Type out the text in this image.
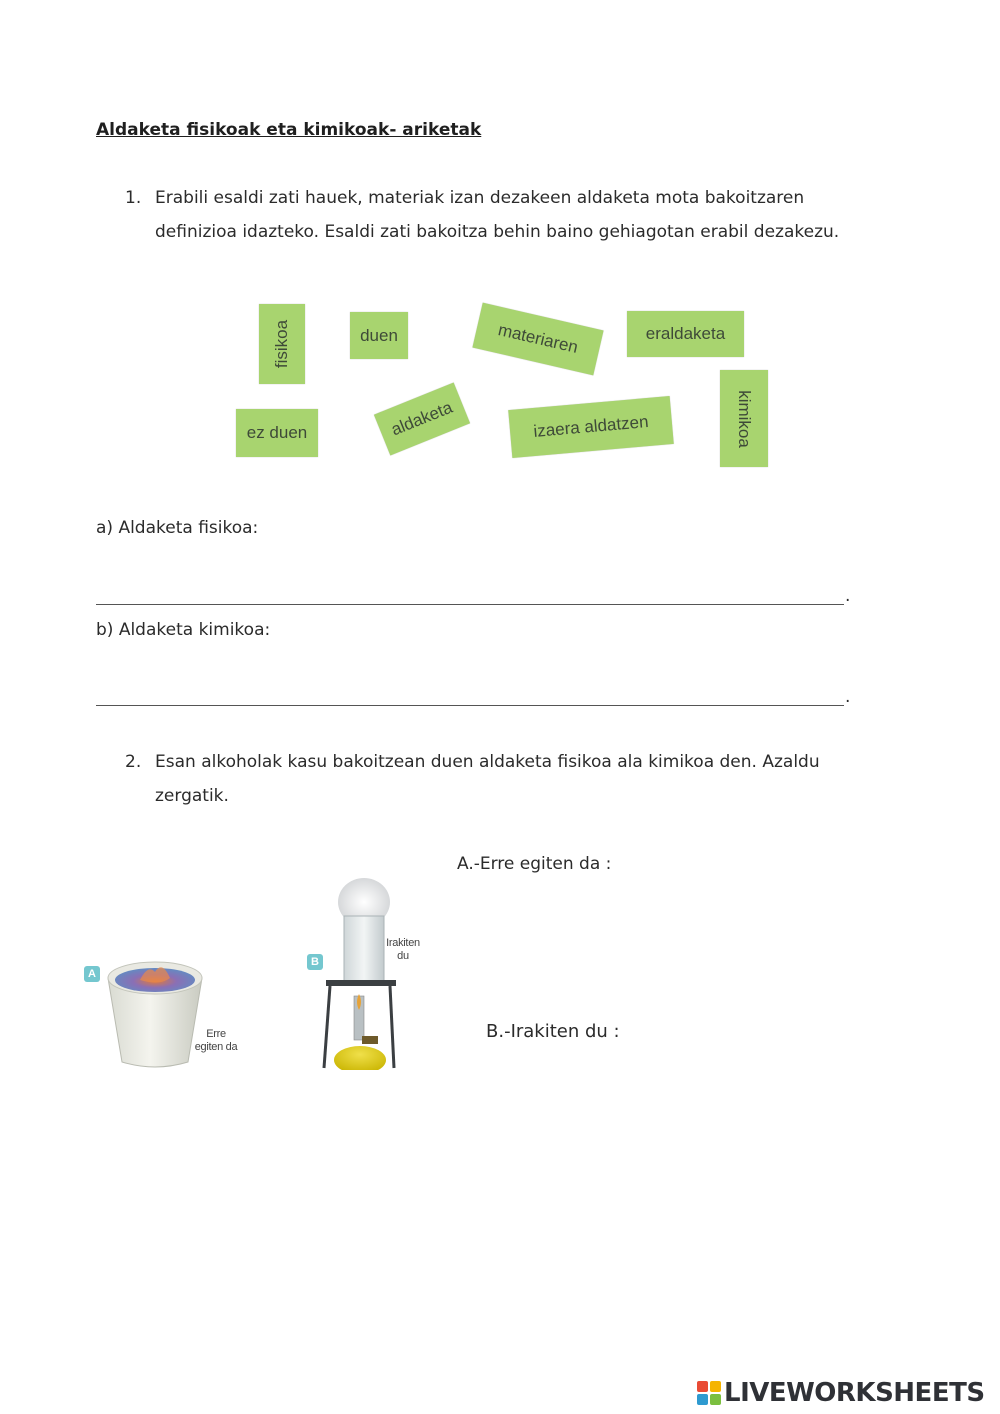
Aldaketa fisikoak eta kimikoak- ariketak
1. Erabili esaldi zati hauek, materiak izan dezakeen aldaketa mota bakoitzaren
definizioa idazteko. Esaldi zati bakoitza behin baino gehiagotan erabil dezakezu.
fisikoa	duen	materiaren	eraldaketa
ez duen	aldaketa	izaera aldatzen	kimikoa
a) Aldaketa fisikoa:
.
b) Aldaketa kimikoa:
.
2. Esan alkoholak kasu bakoitzean duen aldaketa fisikoa ala kimikoa den. Azaldu
zergatik.
A.-Erre egiten da :
B.-Irakiten du :
A
Erre
egiten da
B
Irakiten
du
LIVEWORKSHEETS
